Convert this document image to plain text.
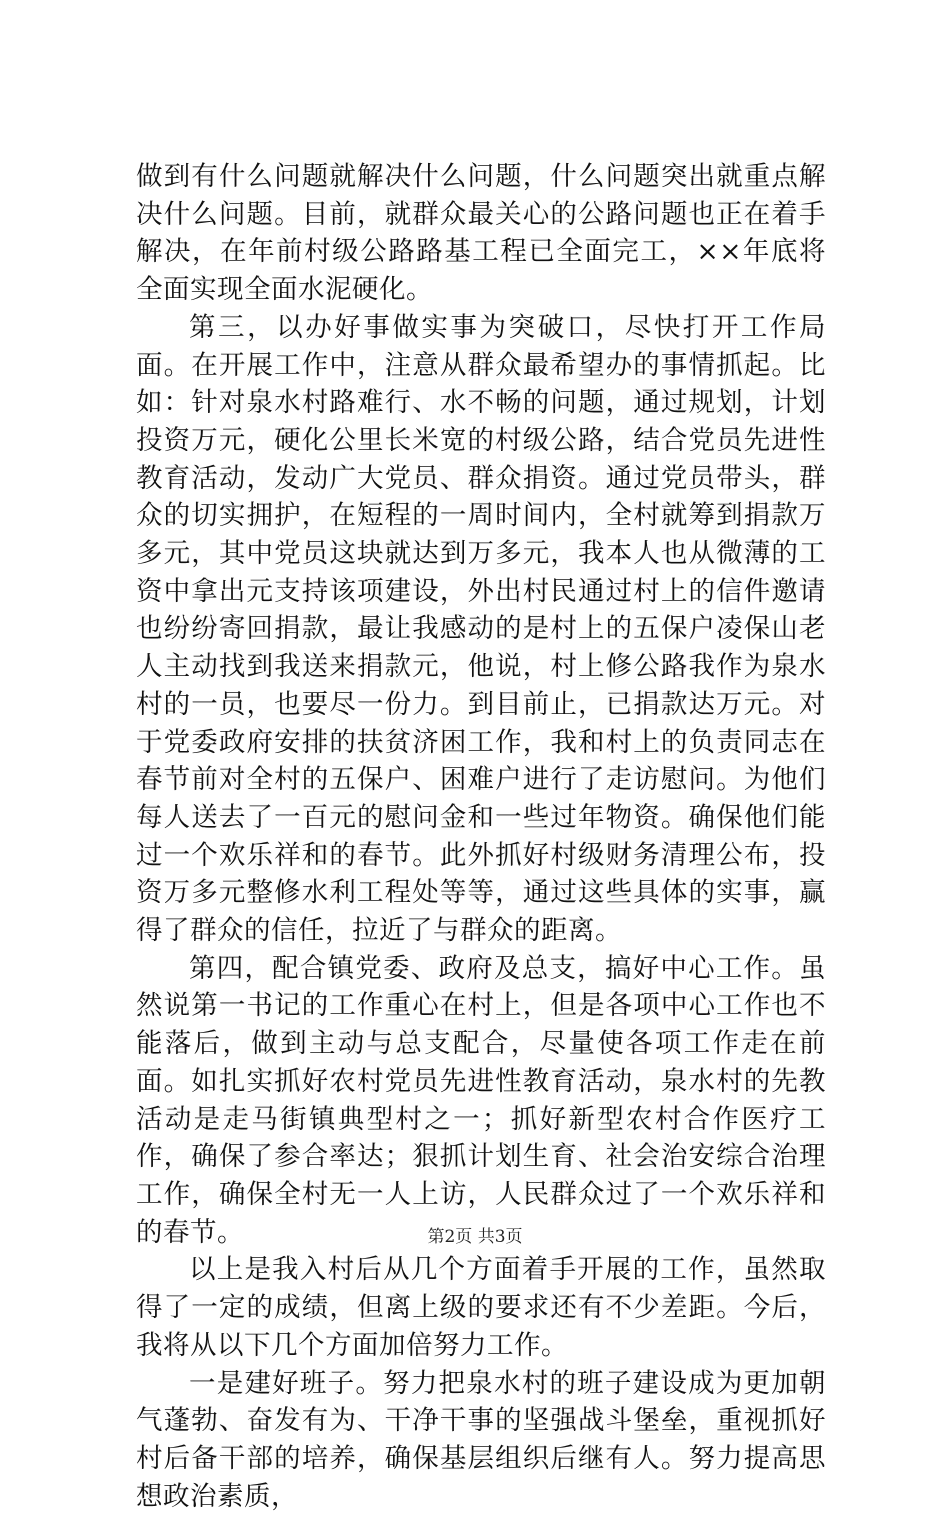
做到有什么问题就解决什么问题，什么问题突出就重点解决什么问题。目前，就群众最关心的公路问题也正在着手解决，在年前村级公路路基工程已全面完工，××年底将全面实现全面水泥硬化。

第三，以办好事做实事为突破口，尽快打开工作局面。在开展工作中，注意从群众最希望办的事情抓起。比如：针对泉水村路难行、水不畅的问题，通过规划，计划投资万元，硬化公里长米宽的村级公路，结合党员先进性教育活动，发动广大党员、群众捐资。通过党员带头，群众的切实拥护，在短程的一周时间内，全村就筹到捐款万多元，其中党员这块就达到万多元，我本人也从微薄的工资中拿出元支持该项建设，外出村民通过村上的信件邀请也纷纷寄回捐款，最让我感动的是村上的五保户凌保山老人主动找到我送来捐款元，他说，村上修公路我作为泉水村的一员，也要尽一份力。到目前止，已捐款达万元。对于党委政府安排的扶贫济困工作，我和村上的负责同志在春节前对全村的五保户、困难户进行了走访慰问。为他们每人送去了一百元的慰问金和一些过年物资。确保他们能过一个欢乐祥和的春节。此外抓好村级财务清理公布，投资万多元整修水利工程处等等，通过这些具体的实事，赢得了群众的信任，拉近了与群众的距离。

第四，配合镇党委、政府及总支，搞好中心工作。虽然说第一书记的工作重心在村上，但是各项中心工作也不能落后，做到主动与总支配合，尽量使各项工作走在前面。如扎实抓好农村党员先进性教育活动，泉水村的先教活动是走马街镇典型村之一；抓好新型农村合作医疗工作，确保了参合率达；狠抓计划生育、社会治安综合治理工作，确保全村无一人上访，人民群众过了一个欢乐祥和的春节。

以上是我入村后从几个方面着手开展的工作，虽然取得了一定的成绩，但离上级的要求还有不少差距。今后，我将从以下几个方面加倍努力工作。

一是建好班子。努力把泉水村的班子建设成为更加朝气蓬勃、奋发有为、干净干事的坚强战斗堡垒，重视抓好村后备干部的培养，确保基层组织后继有人。努力提高思想政治素质，

第2页 共3页
